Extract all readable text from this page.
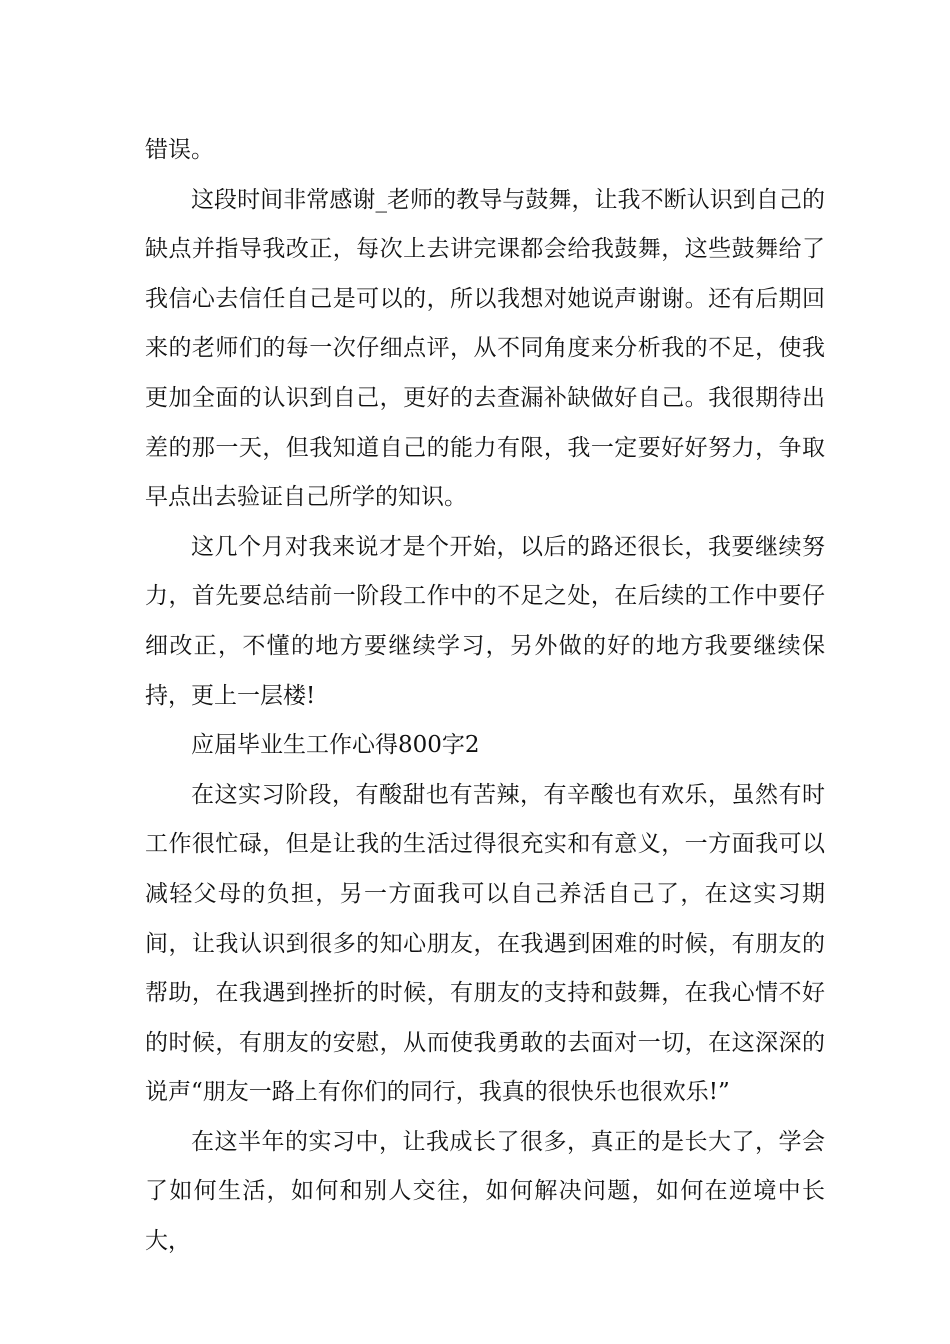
错误。

这段时间非常感谢_老师的教导与鼓舞，让我不断认识到自己的缺点并指导我改正，每次上去讲完课都会给我鼓舞，这些鼓舞给了我信心去信任自己是可以的，所以我想对她说声谢谢。还有后期回来的老师们的每一次仔细点评，从不同角度来分析我的不足，使我更加全面的认识到自己，更好的去查漏补缺做好自己。我很期待出差的那一天，但我知道自己的能力有限，我一定要好好努力，争取早点出去验证自己所学的知识。

这几个月对我来说才是个开始，以后的路还很长，我要继续努力，首先要总结前一阶段工作中的不足之处，在后续的工作中要仔细改正，不懂的地方要继续学习，另外做的好的地方我要继续保持，更上一层楼!

应届毕业生工作心得800字2

在这实习阶段，有酸甜也有苦辣，有辛酸也有欢乐，虽然有时工作很忙碌，但是让我的生活过得很充实和有意义，一方面我可以减轻父母的负担，另一方面我可以自己养活自己了，在这实习期间，让我认识到很多的知心朋友，在我遇到困难的时候，有朋友的帮助，在我遇到挫折的时候，有朋友的支持和鼓舞，在我心情不好的时候，有朋友的安慰，从而使我勇敢的去面对一切，在这深深的说声“朋友一路上有你们的同行，我真的很快乐也很欢乐!”

在这半年的实习中，让我成长了很多，真正的是长大了，学会了如何生活，如何和别人交往，如何解决问题，如何在逆境中长大，
